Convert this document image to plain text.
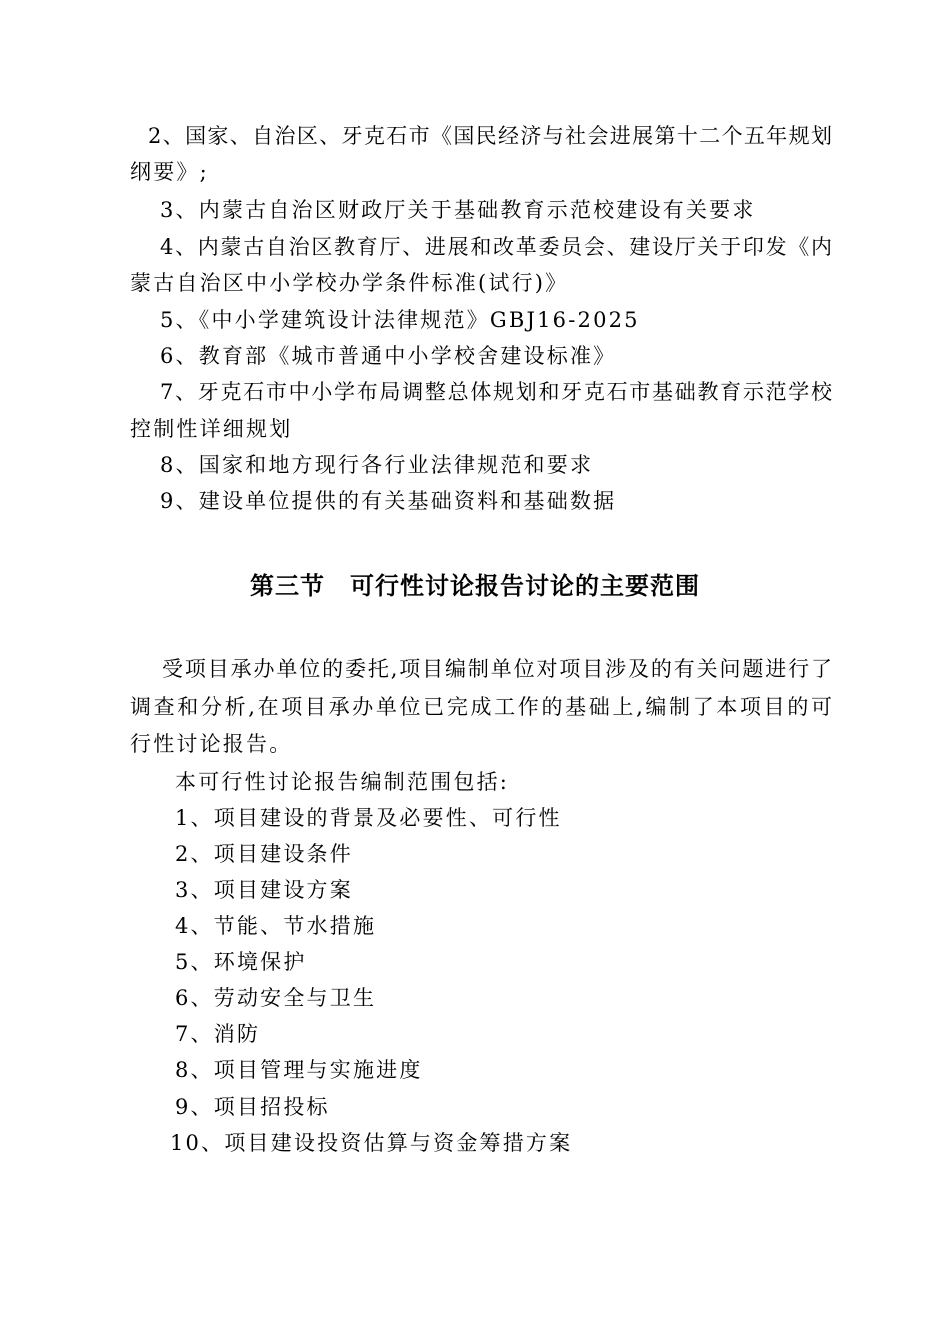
2、国家、自治区、牙克石市《国民经济与社会进展第十二个五年规划
纲要》;
3、内蒙古自治区财政厅关于基础教育示范校建设有关要求
4、内蒙古自治区教育厅、进展和改革委员会、建设厅关于印发《内
蒙古自治区中小学校办学条件标准(试行)》
5、《中小学建筑设计法律规范》GBJ16-2025
6、教育部《城市普通中小学校舍建设标准》
7、牙克石市中小学布局调整总体规划和牙克石市基础教育示范学校
控制性详细规划
8、国家和地方现行各行业法律规范和要求
9、建设单位提供的有关基础资料和基础数据
第三节　可行性讨论报告讨论的主要范围
受项目承办单位的委托,项目编制单位对项目涉及的有关问题进行了
调查和分析,在项目承办单位已完成工作的基础上,编制了本项目的可
行性讨论报告。
本可行性讨论报告编制范围包括:
1、项目建设的背景及必要性、可行性
2、项目建设条件
3、项目建设方案
4、节能、节水措施
5、环境保护
6、劳动安全与卫生
7、消防
8、项目管理与实施进度
9、项目招投标
10、项目建设投资估算与资金筹措方案
